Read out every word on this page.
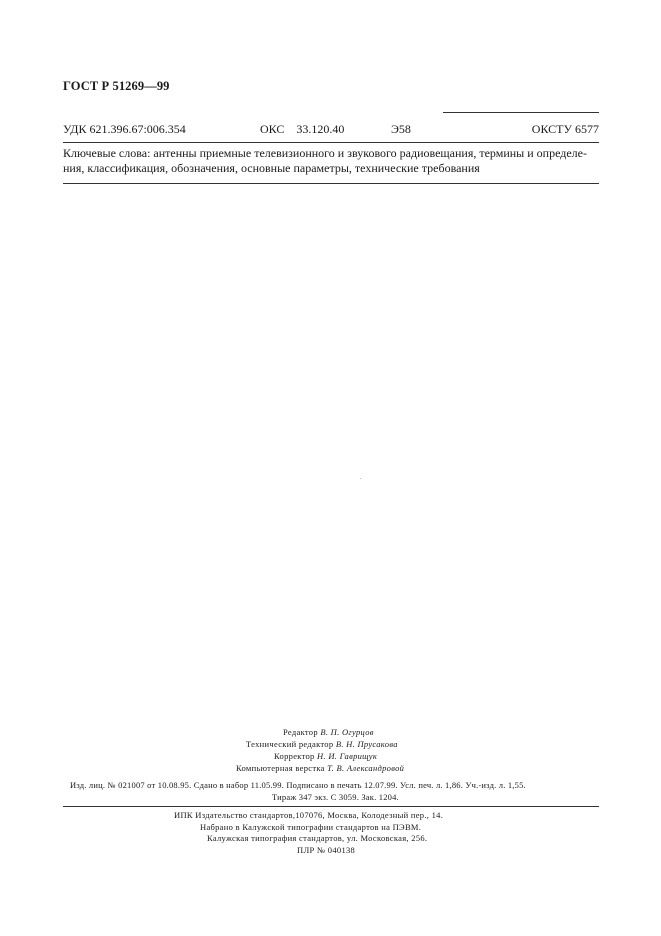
ГОСТ Р 51269—99
УДК 621.396.67:006.354	ОКС 33.120.40	Э58	ОКСТУ 6577
Ключевые слова: антенны приемные телевизионного и звукового радиовещания, термины и определе-
ния, классификация, обозначения, основные параметры, технические требования
Редактор В. П. Огурцов
Технический редактор В. Н. Прусакова
Корректор Н. И. Гаврищук
Компьютерная верстка Т. В. Александровой
Изд. лиц. № 021007 от 10.08.95. Сдано в набор 11.05.99. Подписано в печать 12.07.99. Усл. печ. л. 1,86. Уч.-изд. л. 1,55.
Тираж 347 экз. С 3059. Зак. 1204.
ИПК Издательство стандартов,107076, Москва, Колодезный пер., 14.
Набрано в Калужской типографии стандартов на ПЭВМ.
Калужская типография стандартов, ул. Московская, 256.
ПЛР № 040138
